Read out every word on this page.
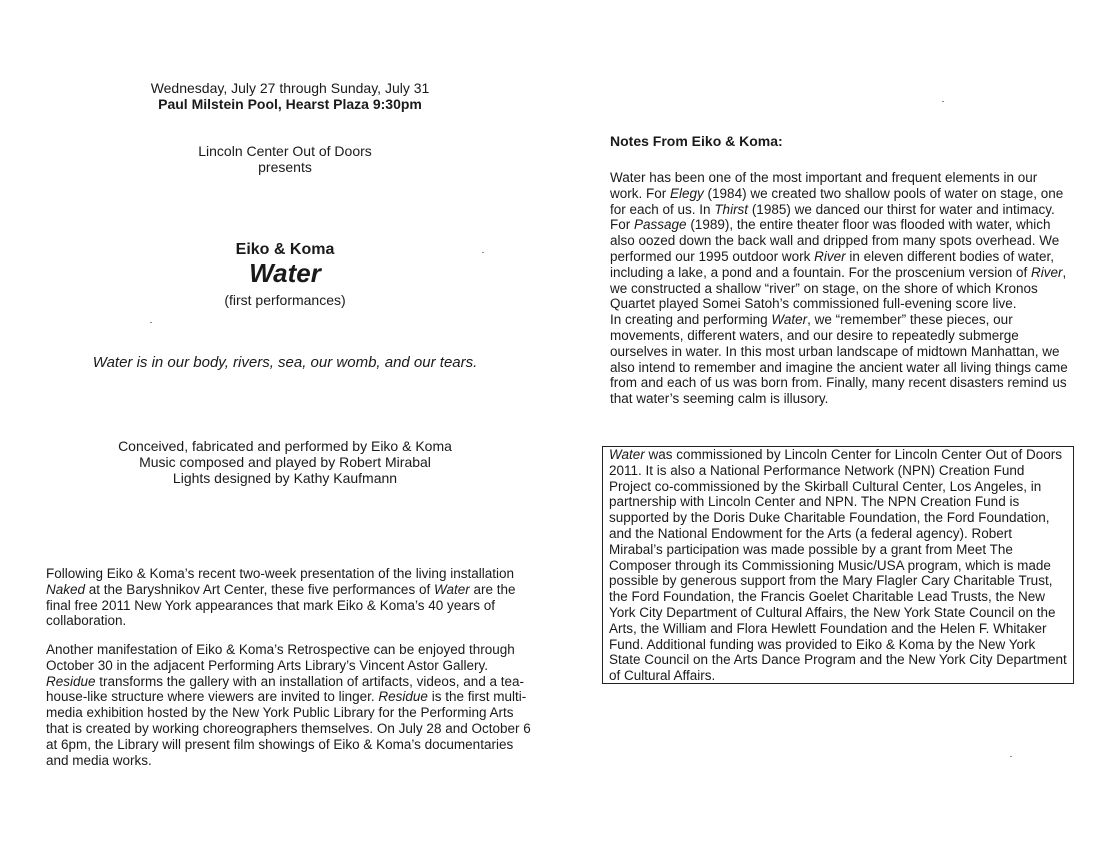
Wednesday, July 27 through Sunday, July 31
Paul Milstein Pool, Hearst Plaza 9:30pm
Lincoln Center Out of Doors
presents
Eiko & Koma
Water
(first performances)
Water is in our body, rivers, sea, our womb, and our tears.
Conceived, fabricated and performed by Eiko & Koma
Music composed and played by Robert Mirabal
Lights designed by Kathy Kaufmann

Following Eiko & Koma’s recent two-week presentation of the living installation Naked at the Baryshnikov Art Center, these five performances of Water are the final free 2011 New York appearances that mark Eiko & Koma’s 40 years of collaboration.

Another manifestation of Eiko & Koma’s Retrospective can be enjoyed through October 30 in the adjacent Performing Arts Library’s Vincent Astor Gallery. Residue transforms the gallery with an installation of artifacts, videos, and a tea-house-like structure where viewers are invited to linger. Residue is the first multi-media exhibition hosted by the New York Public Library for the Performing Arts that is created by working choreographers themselves. On July 28 and October 6 at 6pm, the Library will present film showings of Eiko & Koma’s documentaries and media works.

Notes From Eiko & Koma:

Water has been one of the most important and frequent elements in our work. For Elegy (1984) we created two shallow pools of water on stage, one for each of us. In Thirst (1985) we danced our thirst for water and intimacy. For Passage (1989), the entire theater floor was flooded with water, which also oozed down the back wall and dripped from many spots overhead. We performed our 1995 outdoor work River in eleven different bodies of water, including a lake, a pond and a fountain. For the proscenium version of River, we constructed a shallow “river” on stage, on the shore of which Kronos Quartet played Somei Satoh’s commissioned full-evening score live.

In creating and performing Water, we “remember” these pieces, our movements, different waters, and our desire to repeatedly submerge ourselves in water. In this most urban landscape of midtown Manhattan, we also intend to remember and imagine the ancient water all living things came from and each of us was born from. Finally, many recent disasters remind us that water’s seeming calm is illusory.

Water was commissioned by Lincoln Center for Lincoln Center Out of Doors 2011. It is also a National Performance Network (NPN) Creation Fund Project co-commissioned by the Skirball Cultural Center, Los Angeles, in partnership with Lincoln Center and NPN. The NPN Creation Fund is supported by the Doris Duke Charitable Foundation, the Ford Foundation, and the National Endowment for the Arts (a federal agency). Robert Mirabal’s participation was made possible by a grant from Meet The Composer through its Commissioning Music/USA program, which is made possible by generous support from the Mary Flagler Cary Charitable Trust, the Ford Foundation, the Francis Goelet Charitable Lead Trusts, the New York City Department of Cultural Affairs, the New York State Council on the Arts, the William and Flora Hewlett Foundation and the Helen F. Whitaker Fund. Additional funding was provided to Eiko & Koma by the New York State Council on the Arts Dance Program and the New York City Department of Cultural Affairs.
